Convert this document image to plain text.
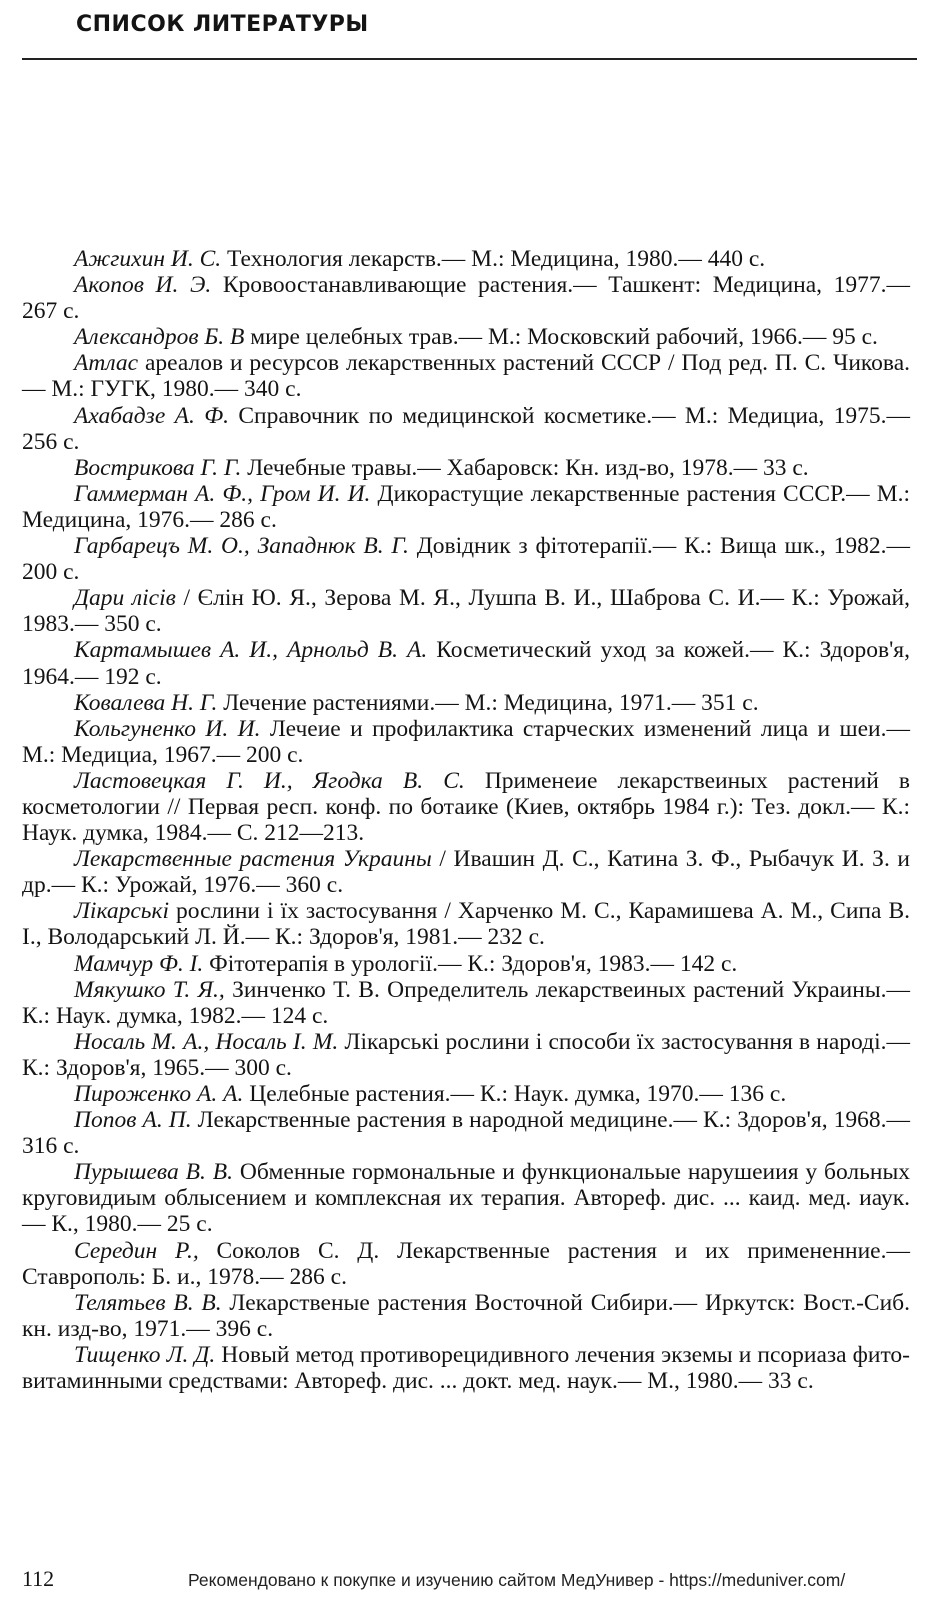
СПИСОК ЛИТЕРАТУРЫ

Ажгихин И. С. Технология лекарств.— М.: Медицина, 1980.— 440 с.

Акопов И. Э. Кровоостанавливающие растения.— Ташкент: Медицина, 1977.— 267 с.

Александров Б. В мире целебных трав.— М.: Московский рабочий, 1966.— 95 с.

Атлас ареалов и ресурсов лекарственных растений СССР / Под ред. П. С. Чикова.— М.: ГУГК, 1980.— 340 с.

Ахабадзе А. Ф. Справочник по медицинской косметике.— М.: Медициа, 1975.— 256 с.

Вострикова Г. Г. Лечебные травы.— Хабаровск: Кн. изд-во, 1978.— 33 с.

Гаммерман А. Ф., Гром И. И. Дикорастущие лекарственные растения СССР.— М.: Медицина, 1976.— 286 с.

Гарбарецъ М. О., Западнюк В. Г. Довідник з фітотерапії.— К.: Вища шк., 1982.— 200 с.

Дари лісів / Єлін Ю. Я., Зерова М. Я., Лушпа В. И., Шаброва С. И.— К.: Урожай, 1983.— 350 с.

Картамышев А. И., Арнольд В. А. Косметический уход за кожей.— К.: Здоров'я, 1964.— 192 с.

Ковалева Н. Г. Лечение растениями.— М.: Медицина, 1971.— 351 с.

Кольгуненко И. И. Лечеие и профилактика старческих изменений лица и шеи.— М.: Медициа, 1967.— 200 с.

Ластовецкая Г. И., Ягодка В. С. Применеие лекарствеиных растений в косметологии // Первая респ. конф. по ботаике (Киев, октябрь 1984 г.): Тез. докл.— К.: Наук. думка, 1984.— С. 212—213.

Лекарственные растения Украины / Ивашин Д. С., Катина З. Ф., Рыбачук И. З. и др.— К.: Урожай, 1976.— 360 с.

Лікарські рослини і їх застосування / Харченко М. С., Карамишева А. М., Сипа В. І., Володарський Л. Й.— К.: Здоров'я, 1981.— 232 с.

Мамчур Ф. І. Фітотерапія в урології.— К.: Здоров'я, 1983.— 142 с.

Мякушко Т. Я., Зинченко Т. В. Определитель лекарствеиных растений Украины.— К.: Наук. думка, 1982.— 124 с.

Носаль М. А., Носаль І. М. Лікарські рослини і способи їх застосування в народі.— К.: Здоров'я, 1965.— 300 с.

Пироженко А. А. Целебные растения.— К.: Наук. думка, 1970.— 136 с.

Попов А. П. Лекарственные растения в народной медицине.— К.: Здоров'я, 1968.— 316 с.

Пурышева В. В. Обменные гормональные и функциональые нарушеиия у больных круговидиым облысением и комплексная их терапия. Автореф. дис. ... каид. мед. иаук.— К., 1980.— 25 с.

Середин Р., Соколов С. Д. Лекарственные растения и их примененние.— Ставрополь: Б. и., 1978.— 286 с.

Телятьев В. В. Лекарственые растения Восточной Сибири.— Иркутск: Вост.-Сиб. кн. изд-во, 1971.— 396 с.

Тищенко Л. Д. Новый метод противорецидивного лечения экземы и псориаза фито-витаминными средствами: Автореф. дис. ... докт. мед. наук.— М., 1980.— 33 с.

112	Рекомендовано к покупке и изучению сайтом МедУнивер - https://meduniver.com/
